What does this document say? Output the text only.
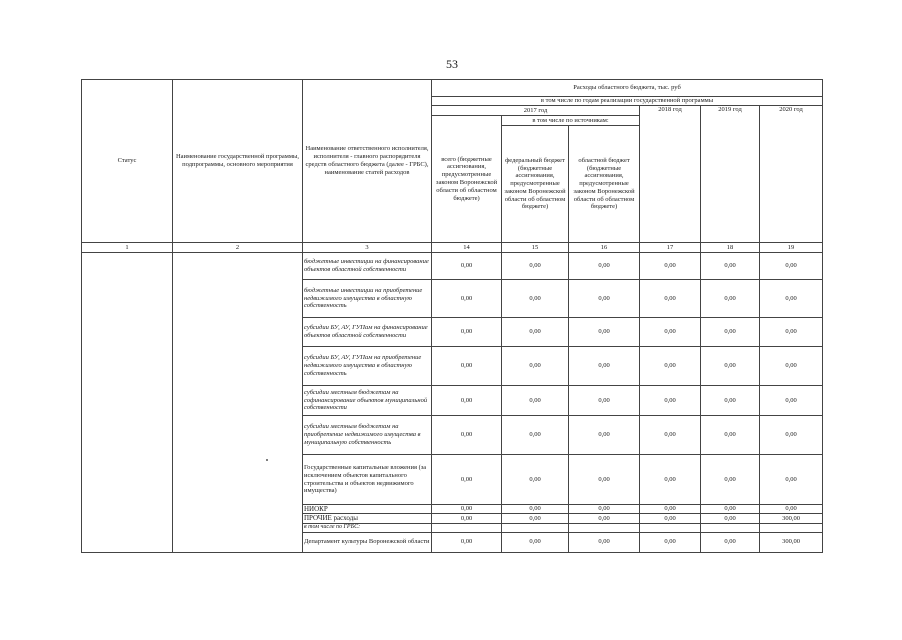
53
Статус	Наименование государственной программы, подпрограммы, основного мероприятия	Наименование ответственного исполнителя, исполнителя - главного распорядителя средств областного бюджета (далее - ГРБС), наименование статей расходов	Расходы областного бюджета, тыс. руб					
			в том числе по годам реализации государственной программы					
			2017 год			2018 год	2019 год	2020 год
			всего (бюджетные ассигнования, предусмотренные законом Воронежской области об областном бюджете)	в том числе по источникам:				
				федеральный бюджет (бюджетные ассигнования, предусмотренные законом Воронежской области об областном бюджете)	областной бюджет (бюджетные ассигнования, предусмотренные законом Воронежской области об областном бюджете)			
1	2	3	14	15	16	17	18	19
		бюджетные инвестиции на финансирование объектов областной собственности	0,00	0,00	0,00	0,00	0,00	0,00
		бюджетные инвестиции на приобретение недвижимого имущества в областную собственность	0,00	0,00	0,00	0,00	0,00	0,00
		субсидии БУ, АУ, ГУПам на финансирование объектов областной собственности	0,00	0,00	0,00	0,00	0,00	0,00
		субсидии БУ, АУ, ГУПам на приобретение недвижимого имущества в областную собственность	0,00	0,00	0,00	0,00	0,00	0,00
		субсидии местным бюджетам на софинансирование объектов муниципальной собственности	0,00	0,00	0,00	0,00	0,00	0,00
		субсидии местным бюджетам на приобретение недвижимого имущества в муниципальную собственность	0,00	0,00	0,00	0,00	0,00	0,00
		Государственные капитальные вложения (за исключением объектов капитального строительства и объектов недвижимого имущества)	0,00	0,00	0,00	0,00	0,00	0,00
		НИОКР	0,00	0,00	0,00	0,00	0,00	0,00
		ПРОЧИЕ расходы	0,00	0,00	0,00	0,00	0,00	300,00
		в том числе по ГРБС:						
		Департамент культуры Воронежской области	0,00	0,00	0,00	0,00	0,00	300,00
